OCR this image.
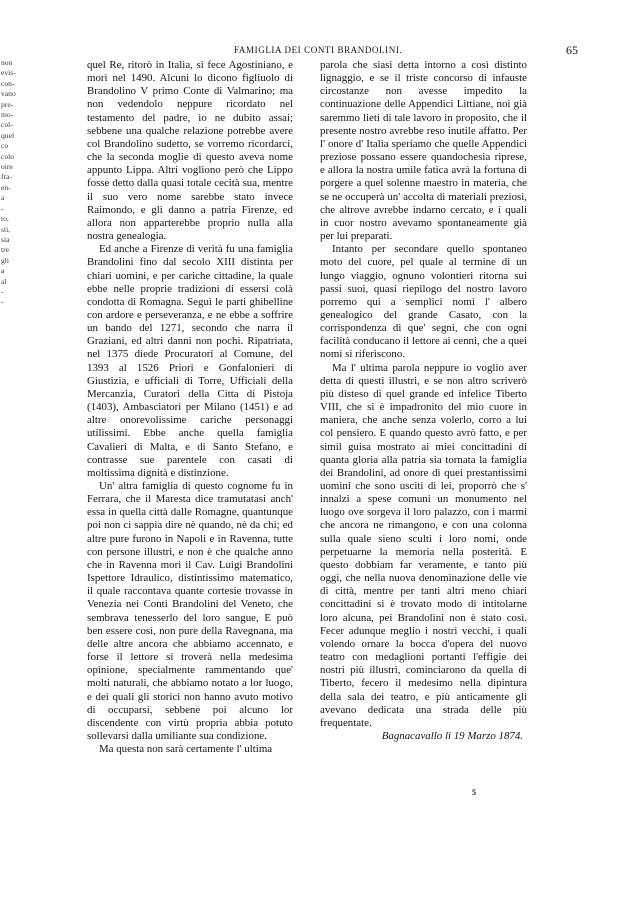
non
evis-
con-
vano
pre-
mo-
col-
quel
co
colo
oire
fra-
en-
a
-
to,
sti,
sia
tre
gli
a
al
-
-
FAMIGLIA DEI CONTI BRANDOLINI.	65

quel Re, ritorò in Italia, si fece Agostiniano, e morì nel 1490. Alcuni lo dicono figliuolo di Brandolino V primo Conte di Valmarino; ma non vedendolo neppure ricordato nel testamento del padre, io ne dubito assai; sebbene una qualche relazione potrebbe avere col Brandolino sudetto, se vorremo ricordarci, che la seconda moglie di questo aveva nome appunto Lippa. Altri vogliono però che Lippo fosse detto dalla quasi totale cecità sua, mentre il suo vero nome sarebbe stato invece Raimondo, e gli danno a patria Firenze, ed allora non apparterebbe proprio nulla alla nostra genealogia.

Ed anche a Firenze di verità fu una famiglia Brandolini fino dal secolo XIII distinta per chiari uomini, e per cariche cittadine, la quale ebbe nelle proprie tradizioni di essersi colà condotta di Romagna. Seguì le parti ghibelline con ardore e perseveranza, e ne ebbe a soffrire un bando del 1271, secondo che narra il Graziani, ed altri danni non pochi. Ripatriata, nel 1375 diede Procuratori al Comune, del 1393 al 1526 Priori e Gonfalonieri di Giustizia, e ufficiali di Torre, Ufficiali della Mercanzia, Curatori della Citta di Pistoja (1403), Ambasciatori per Milano (1451) e ad altre onorevolissime cariche personaggi utilissimi. Ebbe anche quella famiglia Cavalieri di Malta, e di Santo Stefano, e contrasse sue parentele con casati di moltissima dignità e distinzione.

Un' altra famiglia di questo cognome fu in Ferrara, che il Maresta dice tramutatasi anch' essa in quella città dalle Romagne, quantunque poi non ci sappia dire nè quando, nè da chi; ed altre pure furono in Napoli e in Ravenna, tutte con persone illustri, e non è che qualche anno che in Ravenna morì il Cav. Luigi Brandolini Ispettore Idraulico, distintissimo matematico, il quale raccontava quante cortesie trovasse in Venezia nei Conti Brandolini del Veneto, che sembrava tenesserlo del loro sangue, E può ben essere così, non pure della Ravegnana, ma delle altre ancora che abbiamo accennato, e forse il lettore si troverà nella medesima opinione, specialmente rammentando que' molti naturali, che abbiamo notato a lor luogo, e dei quali gli storici non hanno avuto motivo di occuparsi, sebbene poi alcuno lor discendente con virtù propria abbia potuto sollevarsi dalla umiliante sua condizione.

Ma questa non sarà certamente l' ultima

parola che siasi detta intorno a così distinto lignaggio, e se il triste concorso di infauste circostanze non avesse impedito la continuazione delle Appendici Littiane, noi già saremmo lieti di tale lavoro in proposito, che il presente nostro avrebbe reso inutile affatto. Per l' onore d' Italia speriamo che quelle Appendici preziose possano essere quandochesia riprese, e allora la nostra umile fatica avrà la fortuna di porgere a quel solenne maestro in materia, che se ne occuperà un' accolta di materiali preziosi, che altrove avrebbe indarno cercato, e i quali in cuor nostro avevamo spontaneamente già per lui preparati.

Intanto per secondare quello spontaneo moto del cuore, pel quale al termine di un lungo viaggio, ognuno volontieri ritorna sui passi suoi, quasi riepilogo del nostro lavoro porremo qui a semplici nomi l' albero genealogico del grande Casato, con la corrispondenza di que' segni, che con ogni facilità conducano il lettore ai cenni, che a quei nomi si riferiscono.

Ma l' ultima parola neppure io voglio aver detta di questi illustri, e se non altro scriverò più disteso di quel grande ed infelice Tiberto VIII, che si è impadronito del mio cuore in maniera, che anche senza volerlo, corro a lui col pensiero. E quando questo avrò fatto, e per simil guisa mostrato ai miei concittadini di quanta gloria alla patria sia tornata la famiglia dei Brandolini, ad onore di quei prestantissimi uomini che sono usciti di lei, proporrò che s' innalzi a spese comuni un monumento nel luogo ove sorgeva il loro palazzo, con i marmi che ancora ne rimangono, e con una colonna sulla quale sieno sculti i loro nomi, onde perpetuarne la memoria nella posterità. E questo dobbiam far veramente, e tanto più oggi, che nella nuova denominazione delle vie di città, mentre per tanti altri meno chiari concittadini si è trovato modo di intitolarne loro alcuna, pei Brandolini non è stato così. Fecer adunque meglio i nostri vecchi, i quali volendo ornare la bocca d'opera del nuovo teatro con medaglioni portanti l'effigie dei nostri più illustri, cominciarono da quella di Tiberto, fecero il medesimo nella dipintura della sala dei teatro, e più anticamente gli avevano dedicata una strada delle più frequentate.

Bagnacavallo li 19 Marzo 1874.

5
